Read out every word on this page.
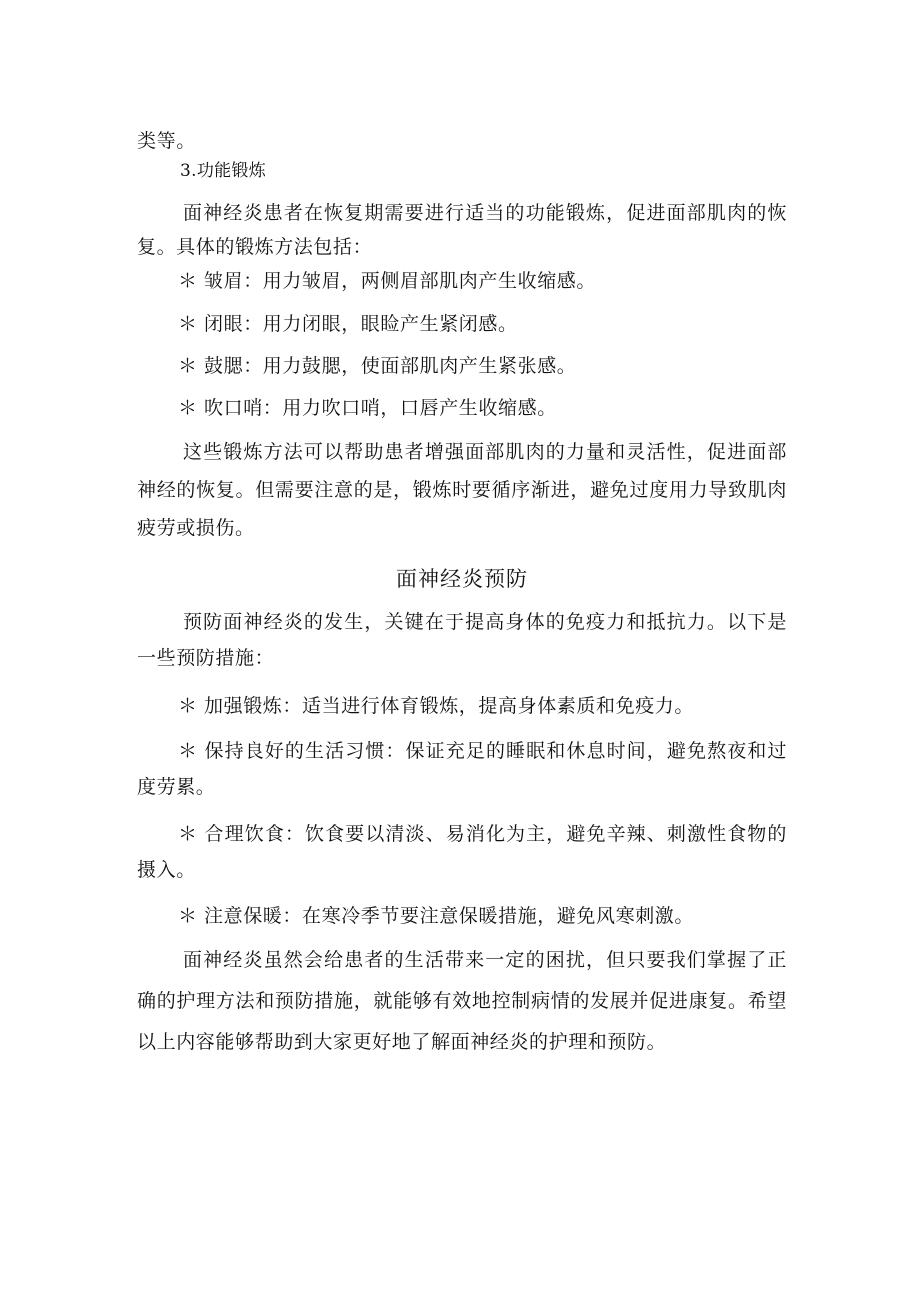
类等。

3.功能锻炼

面神经炎患者在恢复期需要进行适当的功能锻炼，促进面部肌肉的恢复。具体的锻炼方法包括：

＊ 皱眉：用力皱眉，两侧眉部肌肉产生收缩感。

＊ 闭眼：用力闭眼，眼睑产生紧闭感。

＊ 鼓腮：用力鼓腮，使面部肌肉产生紧张感。

＊ 吹口哨：用力吹口哨，口唇产生收缩感。

这些锻炼方法可以帮助患者增强面部肌肉的力量和灵活性，促进面部神经的恢复。但需要注意的是，锻炼时要循序渐进，避免过度用力导致肌肉疲劳或损伤。

面神经炎预防

预防面神经炎的发生，关键在于提高身体的免疫力和抵抗力。以下是一些预防措施：

＊ 加强锻炼：适当进行体育锻炼，提高身体素质和免疫力。

＊ 保持良好的生活习惯：保证充足的睡眠和休息时间，避免熬夜和过度劳累。

＊ 合理饮食：饮食要以清淡、易消化为主，避免辛辣、刺激性食物的摄入。

＊ 注意保暖：在寒冷季节要注意保暖措施，避免风寒刺激。

面神经炎虽然会给患者的生活带来一定的困扰，但只要我们掌握了正确的护理方法和预防措施，就能够有效地控制病情的发展并促进康复。希望以上内容能够帮助到大家更好地了解面神经炎的护理和预防。
